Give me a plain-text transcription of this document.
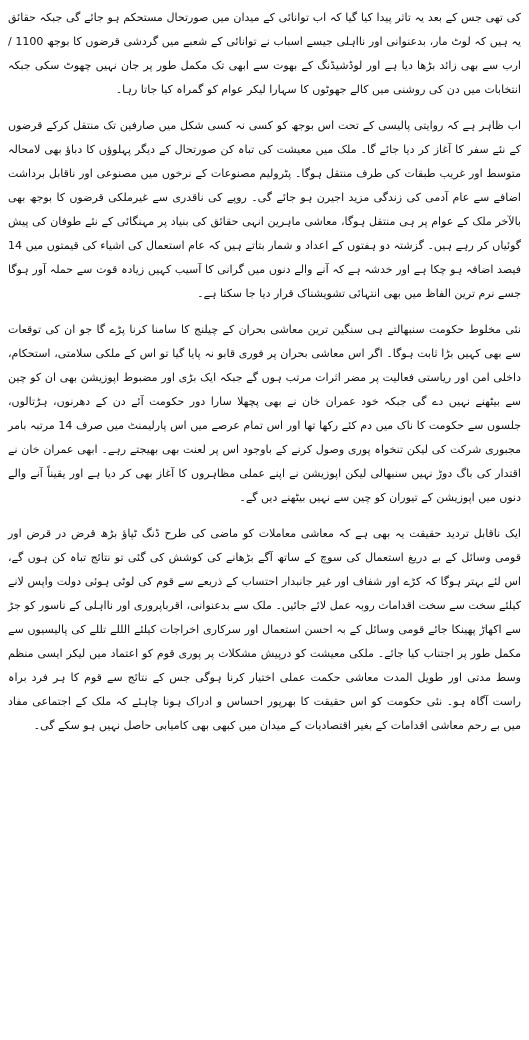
کی تھی جس کے بعد یہ تاثر پیدا کیا گیا کہ اب توانائی کے میدان میں صورتحال مستحکم ہو جائے گی جبکہ حقائق یہ ہیں کہ لوٹ مار، بدعنوانی اور نااہلی جیسے اسباب نے توانائی کے شعبے میں گردشی قرضوں کا بوجھ 1100 / ارب سے بھی زائد بڑھا دیا ہے اور لوڈشیڈنگ کے بھوت سے ابھی تک مکمل طور پر جان نہیں چھوٹ سکی جبکہ انتخابات میں دن کی روشنی میں کالے جھوٹوں کا سہارا لیکر عوام کو گمراہ کیا جاتا رہا۔

اب ظاہر ہے کہ روایتی پالیسی کے تحت اس بوجھ کو کسی نہ کسی شکل میں صارفین تک منتقل کرکے قرضوں کے نئے سفر کا آغاز کر دیا جائے گا۔ ملک میں معیشت کی تباہ کن صورتحال کے دیگر پہلوؤں کا دباؤ بھی لامحالہ متوسط اور غریب طبقات کی طرف منتقل ہوگا۔ پٹرولیم مصنوعات کے نرخوں میں مصنوعی اور ناقابل برداشت اضافے سے عام آدمی کی زندگی مزید اجیرن ہو جائے گی۔ روپے کی ناقدری سے غیرملکی قرضوں کا بوجھ بھی بالآخر ملک کے عوام پر ہی منتقل ہوگا، معاشی ماہرین انہی حقائق کی بنیاد پر مہنگائی کے نئے طوفان کی پیش گوئیاں کر رہے ہیں۔ گزشتہ دو ہفتوں کے اعداد و شمار بتاتے ہیں کہ عام استعمال کی اشیاء کی قیمتوں میں 14 فیصد اضافہ ہو چکا ہے اور خدشہ ہے کہ آنے والے دنوں میں گرانی کا آسیب کہیں زیادہ قوت سے حملہ آور ہوگا جسے نرم ترین الفاظ میں بھی انتہائی تشویشناک قرار دیا جا سکتا ہے۔

نئی مخلوط حکومت سنبھالتے ہی سنگین ترین معاشی بحران کے چیلنج کا سامنا کرنا پڑے گا جو ان کی توقعات سے بھی کہیں بڑا ثابت ہوگا۔ اگر اس معاشی بحران پر فوری قابو نہ پایا گیا تو اس کے ملکی سلامتی، استحکام، داخلی امن اور ریاستی فعالیت پر مضر اثرات مرتب ہوں گے جبکہ ایک بڑی اور مضبوط اپوزیشن بھی ان کو چین سے بیٹھنے نہیں دے گی جبکہ خود عمران خان نے بھی پچھلا سارا دور حکومت آئے دن کے دھرنوں، ہڑتالوں، جلسوں سے حکومت کا ناک میں دم کئے رکھا تھا اور اس تمام عرصے میں اس پارلیمنٹ میں صرف 14 مرتبہ بامر مجبوری شرکت کی لیکن تنخواہ پوری وصول کرنے کے باوجود اس پر لعنت بھی بھیجتے رہے۔ ابھی عمران خان نے اقتدار کی باگ دوڑ نہیں سنبھالی لیکن اپوزیشن نے اپنے عملی مظاہروں کا آغاز بھی کر دیا ہے اور یقیناً آنے والے دنوں میں اپوزیشن کے تیوران کو چین سے نہیں بیٹھنے دیں گے۔

ایک ناقابل تردید حقیقت یہ بھی ہے کہ معاشی معاملات کو ماضی کی طرح ڈنگ ٹپاؤ بڑھ قرض در قرض اور قومی وسائل کے بے دریغ استعمال کی سوچ کے ساتھ آگے بڑھانے کی کوشش کی گئی تو نتائج تباہ کن ہوں گے، اس لئے بہتر ہوگا کہ کڑے اور شفاف اور غیر جانبدار احتساب کے ذریعے سے قوم کی لوٹی ہوئی دولت واپس لانے کیلئے سخت سے سخت اقدامات روبہ عمل لائے جائیں۔ ملک سے بدعنوانی، اقرباپروری اور نااہلی کے ناسور کو جڑ سے اکھاڑ پھینکا جائے قومی وسائل کے بہ احسن استعمال اور سرکاری اخراجات کیلئے الللے تللے کی پالیسیوں سے مکمل طور پر اجتناب کیا جائے۔ ملکی معیشت کو درپیش مشکلات پر پوری قوم کو اعتماد میں لیکر ایسی منظم وسط مدتی اور طویل المدت معاشی حکمت عملی اختیار کرنا ہوگی جس کے نتائج سے قوم کا ہر فرد براہ راست آگاہ ہو۔ نئی حکومت کو اس حقیقت کا بھرپور احساس و ادراک ہونا چاہئے کہ ملک کے اجتماعی مفاد میں بے رحم معاشی اقدامات کے بغیر اقتصادیات کے میدان میں کبھی بھی کامیابی حاصل نہیں ہو سکے گی۔
